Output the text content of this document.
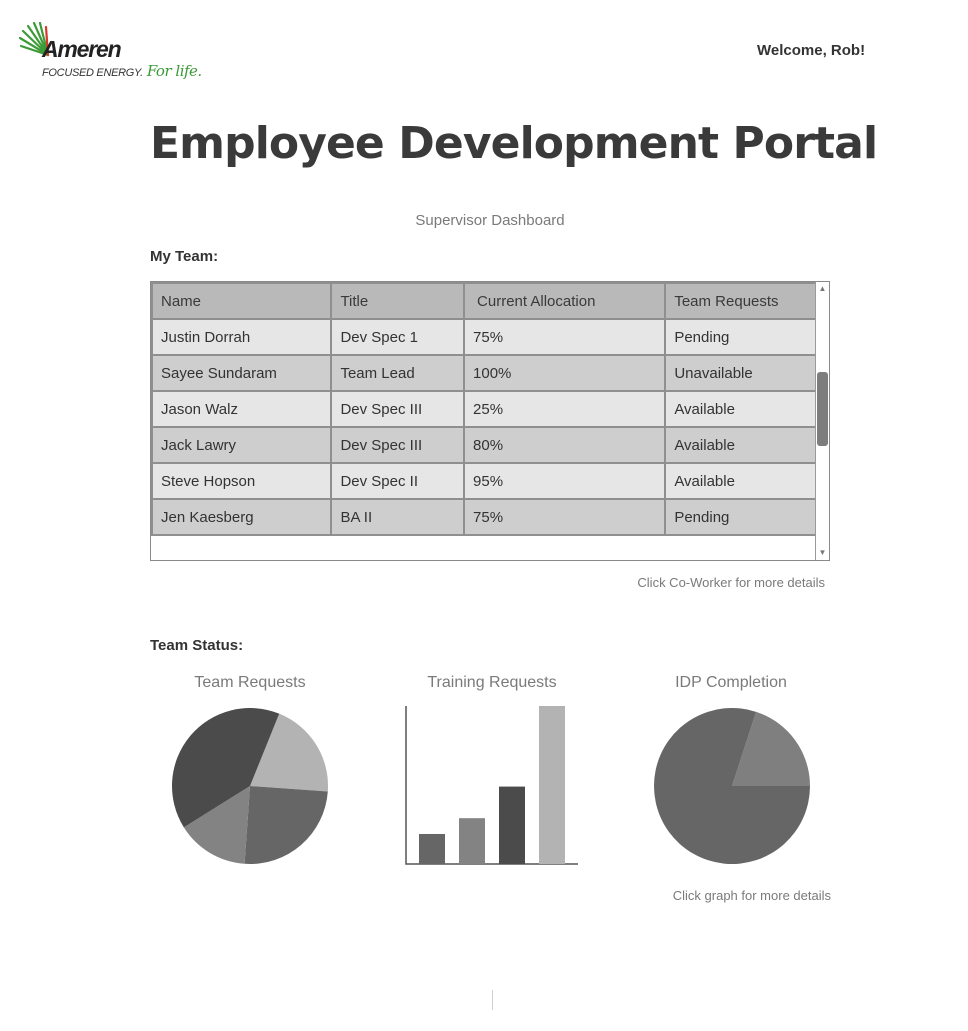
Ameren
FOCUSED ENERGY. For life.
Welcome, Rob!
Employee Development Portal
Supervisor Dashboard
My Team:
Name	Title	Current Allocation	Team Requests
Justin Dorrah	Dev Spec 1	75%	Pending
Sayee Sundaram	Team Lead	100%	Unavailable
Jason Walz	Dev Spec III	25%	Available
Jack Lawry	Dev Spec III	80%	Available
Steve Hopson	Dev Spec II	95%	Available
Jen Kaesberg	BA II	75%	Pending
▲
▼
Click Co-Worker for more details
Team Status:
Team Requests	Training Requests	IDP Completion
Click graph for more details
